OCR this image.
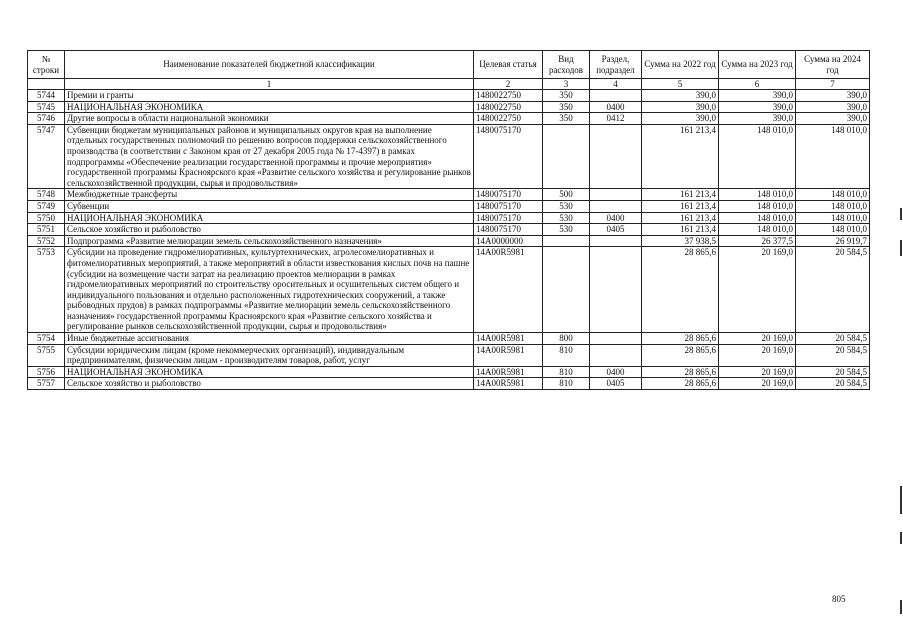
№ строки	Наименование показателей бюджетной классификации	Целевая статья	Вид расходов	Раздел, подраздел	Сумма на 2022 год	Сумма на 2023 год	Сумма на 2024 год
	1	2	3	4	5	6	7
5744	Премии и гранты	1480022750	350		390,0	390,0	390,0
5745	НАЦИОНАЛЬНАЯ ЭКОНОМИКА	1480022750	350	0400	390,0	390,0	390,0
5746	Другие вопросы в области национальной экономики	1480022750	350	0412	390,0	390,0	390,0
5747	Субвенции бюджетам муниципальных районов и муниципальных округов края на выполнение отдельных государственных полномочий по решению вопросов поддержки сельскохозяйственного производства (в соответствии с Законом края от 27 декабря 2005 года № 17-4397) в рамках подпрограммы «Обеспечение реализации государственной программы и прочие мероприятия» государственной программы Красноярского края «Развитие сельского хозяйства и регулирование рынков сельскохозяйственной продукции, сырья и продовольствия»	1480075170			161 213,4	148 010,0	148 010,0
5748	Межбюджетные трансферты	1480075170	500		161 213,4	148 010,0	148 010,0
5749	Субвенции	1480075170	530		161 213,4	148 010,0	148 010,0
5750	НАЦИОНАЛЬНАЯ ЭКОНОМИКА	1480075170	530	0400	161 213,4	148 010,0	148 010,0
5751	Сельское хозяйство и рыболовство	1480075170	530	0405	161 213,4	148 010,0	148 010,0
5752	Подпрограмма «Развитие мелиорации земель сельскохозяйственного назначения»	14А0000000			37 938,5	26 377,5	26 919,7
5753	Субсидии на проведение гидромелиоративных, культуртехнических, агролесомелиоративных и фитомелиоративных мероприятий, а также мероприятий в области известкования кислых почв на пашне (субсидии на возмещение части затрат на реализацию проектов мелиорации в рамках гидромелиоративных мероприятий по строительству оросительных и осушительных систем общего и индивидуального пользования и отдельно расположенных гидротехнических сооружений, а также рыбоводных прудов) в рамках подпрограммы «Развитие мелиорации земель сельскохозяйственного назначения» государственной программы Красноярского края «Развитие сельского хозяйства и регулирование рынков сельскохозяйственной продукции, сырья и продовольствия»	14А00R5981			28 865,6	20 169,0	20 584,5
5754	Иные бюджетные ассигнования	14А00R5981	800		28 865,6	20 169,0	20 584,5
5755	Субсидии юридическим лицам (кроме некоммерческих организаций), индивидуальным предпринимателям, физическим лицам - производителям товаров, работ, услуг	14А00R5981	810		28 865,6	20 169,0	20 584,5
5756	НАЦИОНАЛЬНАЯ ЭКОНОМИКА	14А00R5981	810	0400	28 865,6	20 169,0	20 584,5
5757	Сельское хозяйство и рыболовство	14А00R5981	810	0405	28 865,6	20 169,0	20 584,5
805
